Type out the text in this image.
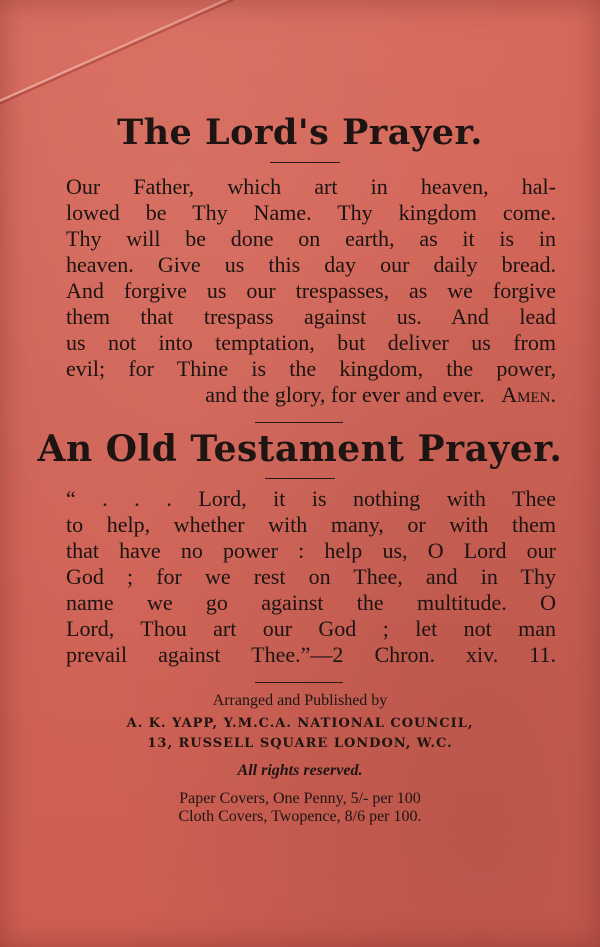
The Lord's Prayer.
Our Father, which art in heaven, hal-
lowed be Thy Name. Thy kingdom come.
Thy will be done on earth, as it is in
heaven. Give us this day our daily bread.
And forgive us our trespasses, as we forgive
them that trespass against us. And lead
us not into temptation, but deliver us from
evil; for Thine is the kingdom, the power,
and the glory, for ever and ever. Amen.
An Old Testament Prayer.
“ . . . Lord, it is nothing with Thee
to help, whether with many, or with them
that have no power : help us, O Lord our
God ; for we rest on Thee, and in Thy
name we go against the multitude. O
Lord, Thou art our God ; let not man
prevail against Thee.”—2 Chron. xiv. 11.
Arranged and Published by
A. K. YAPP, Y.M.C.A. NATIONAL COUNCIL,
13, RUSSELL SQUARE LONDON, W.C.
All rights reserved.
Paper Covers, One Penny, 5/- per 100
Cloth Covers, Twopence, 8/6 per 100.
